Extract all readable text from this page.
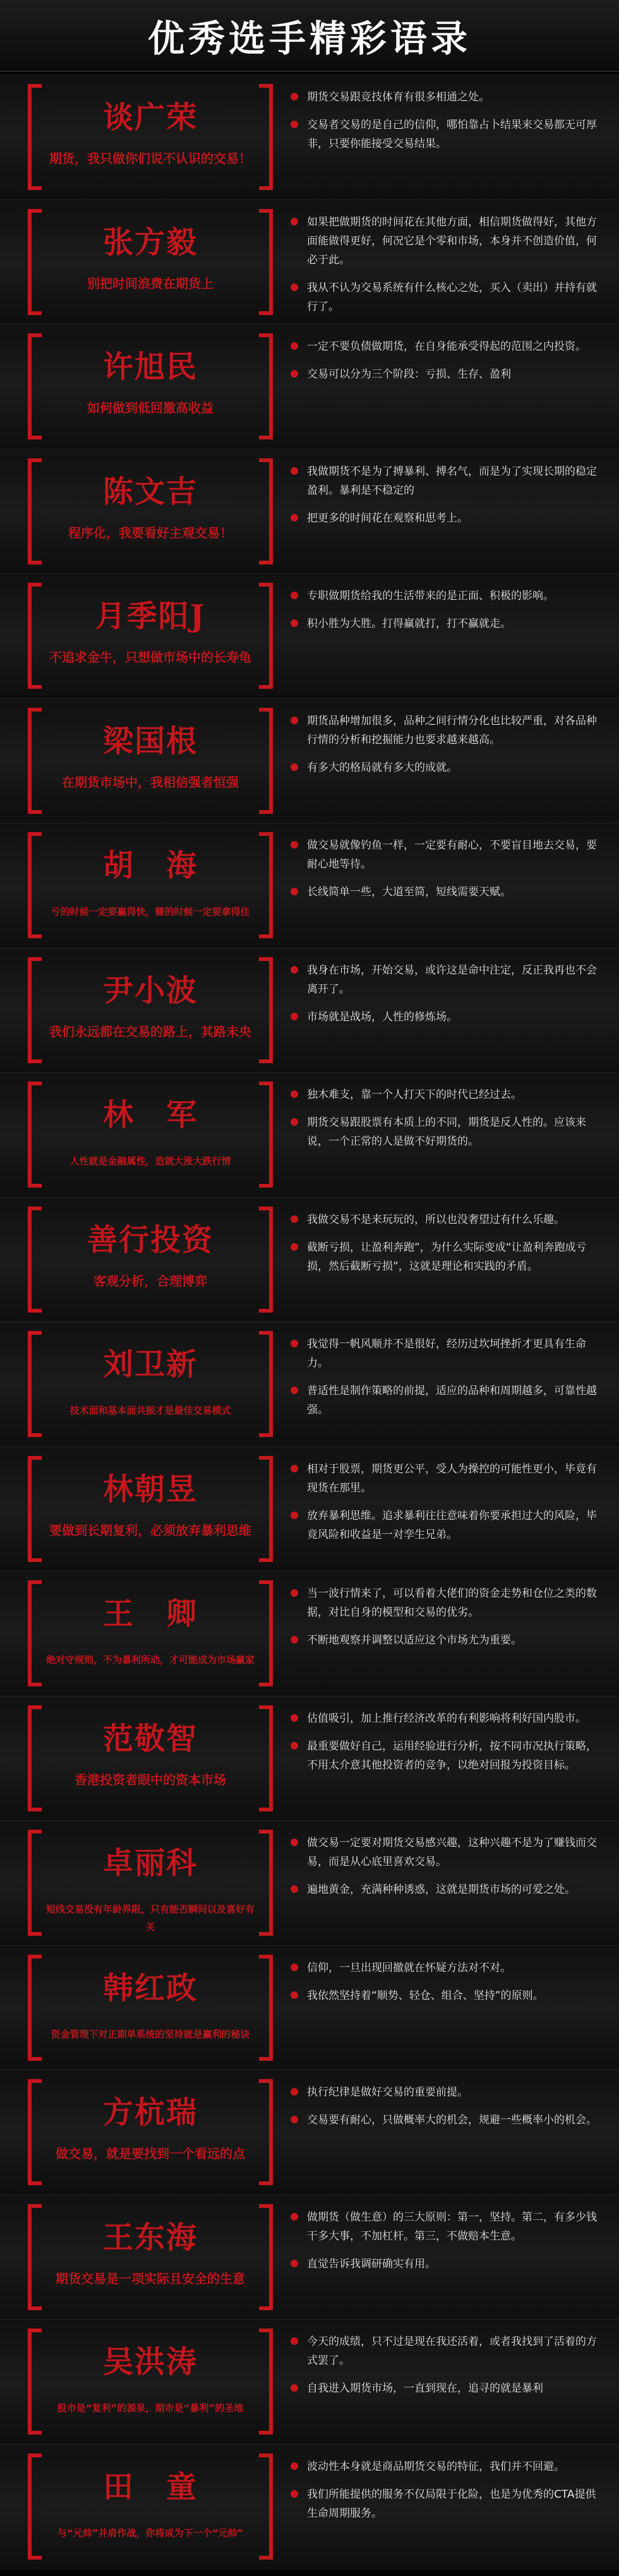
优秀选手精彩语录
谈广荣
期货，我只做你们说不认识的交易！
期货交易跟竞技体育有很多相通之处。
交易者交易的是自己的信仰，哪怕靠占卜结果来交易都无可厚非，只要你能接受交易结果。
张方毅
别把时间浪费在期货上
如果把做期货的时间花在其他方面，相信期货做得好，其他方面能做得更好，何况它是个零和市场，本身并不创造价值，何必于此。
我从不认为交易系统有什么核心之处，买入（卖出）并持有就行了。
许旭民
如何做到低回撤高收益
一定不要负债做期货，在自身能承受得起的范围之内投资。
交易可以分为三个阶段：亏损、生存、盈利
陈文吉
程序化，我要看好主观交易！
我做期货不是为了搏暴利、搏名气，而是为了实现长期的稳定盈利。暴利是不稳定的
把更多的时间花在观察和思考上。
月季阳J
不追求金牛，只想做市场中的长寿龟
专职做期货给我的生活带来的是正面、积极的影响。
积小胜为大胜。打得赢就打，打不赢就走。
梁国根
在期货市场中，我相信强者恒强
期货品种增加很多，品种之间行情分化也比较严重，对各品种行情的分析和挖掘能力也要求越来越高。
有多大的格局就有多大的成就。
胡　海
亏的时候一定要赢得快，赚的时候一定要拿得住
做交易就像钓鱼一样，一定要有耐心，不要盲目地去交易，要耐心地等待。
长线简单一些，大道至简，短线需要天赋。
尹小波
我们永远都在交易的路上，其路未央
我身在市场，开始交易，或许这是命中注定，反正我再也不会离开了。
市场就是战场，人性的修炼场。
林　军
人性就是金融属性，造就大涨大跌行情
独木难支，靠一个人打天下的时代已经过去。
期货交易跟股票有本质上的不同，期货是反人性的。应该来说，一个正常的人是做不好期货的。
善行投资
客观分析，合理博弈
我做交易不是来玩玩的，所以也没奢望过有什么乐趣。
截断亏损，让盈利奔跑”，为什么实际变成“让盈利奔跑成亏损，然后截断亏损”，这就是理论和实践的矛盾。
刘卫新
技术面和基本面共振才是最佳交易模式
我觉得一帆风顺并不是很好，经历过坎坷挫折才更具有生命力。
普适性是制作策略的前提，适应的品种和周期越多，可靠性越强。
林朝昱
要做到长期复利，必须放弃暴利思维
相对于股票，期货更公平，受人为操控的可能性更小，毕竟有现货在那里。
放弃暴利思维。追求暴利往往意味着你要承担过大的风险，毕竟风险和收益是一对孪生兄弟。
王　卿
绝对守规则，不为暴利所动，才可能成为市场赢家
当一波行情来了，可以看着大佬们的资金走势和仓位之类的数据，对比自身的模型和交易的优劣。
不断地观察并调整以适应这个市场尤为重要。
范敬智
香港投资者眼中的资本市场
估值吸引，加上推行经济改革的有利影响将利好国内股市。
最重要做好自己，运用经验进行分析，按不同市况执行策略，不用太介意其他投资者的竞争，以绝对回报为投资目标。
卓丽科
短线交易没有年龄界限，只有能否瞬间以及喜好有关
做交易一定要对期货交易感兴趣，这种兴趣不是为了赚钱而交易，而是从心底里喜欢交易。
遍地黄金，充满种种诱惑，这就是期货市场的可爱之处。
韩红政
资金管理下对正期单系统的坚持就是赢利的秘诀
信仰，一旦出现回撤就在怀疑方法对不对。
我依然坚持着“顺势、轻仓、组合、坚持”的原则。
方杭瑞
做交易，就是要找到一个看远的点
执行纪律是做好交易的重要前提。
交易要有耐心，只做概率大的机会，规避一些概率小的机会。
王东海
期货交易是一项实际且安全的生意
做期货（做生意）的三大原则：第一，坚持。第二，有多少钱干多大事，不加杠杆。第三，不做赔本生意。
直觉告诉我调研确实有用。
吴洪涛
股市是“复利”的源泉，期市是“暴利”的圣地
今天的成绩，只不过是现在我还活着，或者我找到了活着的方式罢了。
自我进入期货市场，一直到现在，追寻的就是暴利
田　童
与“元帅”并肩作战，你将成为下一个“元帅”
波动性本身就是商品期货交易的特征，我们并不回避。
我们所能提供的服务不仅局限于化险，也是为优秀的CTA提供生命周期服务。
